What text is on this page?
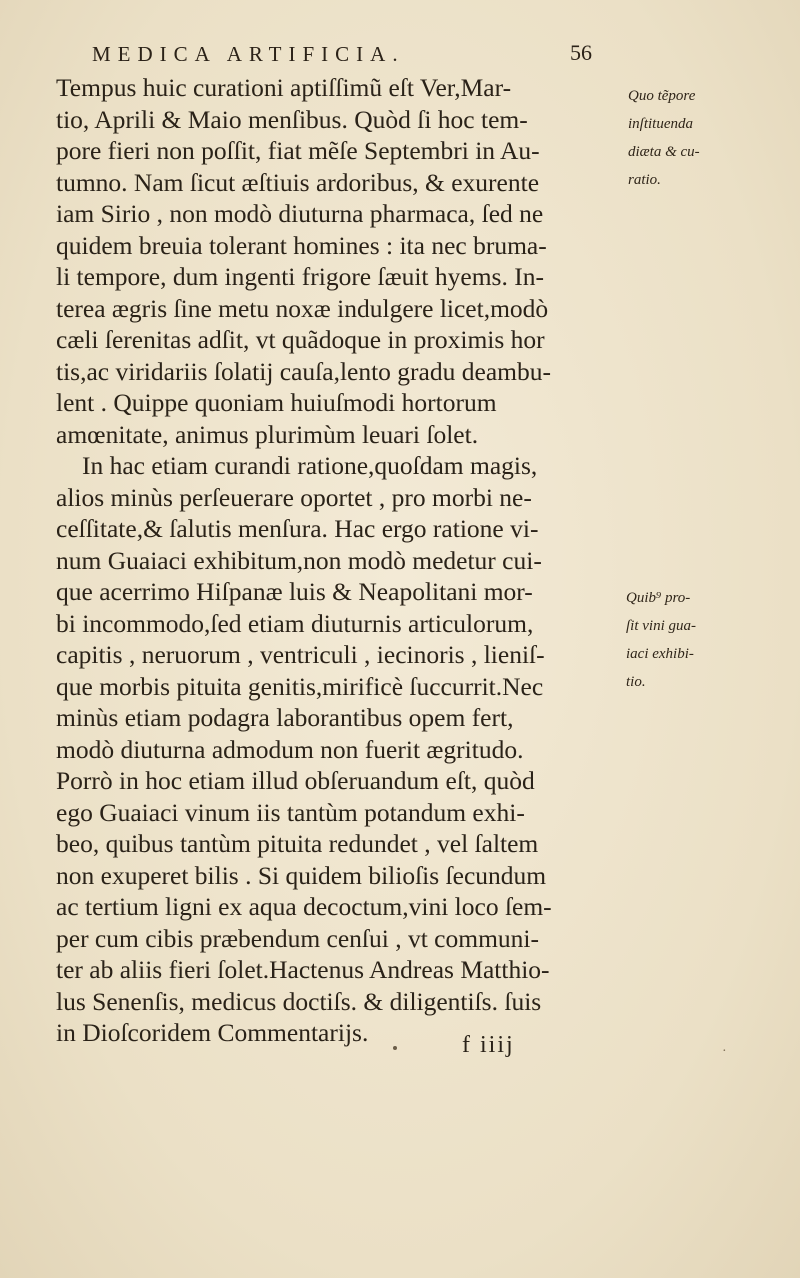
MEDICA ARTIFICIA.	56
Tempus huic curationi aptiſſimũ eſt Ver,Mar-
tio, Aprili & Maio menſibus. Quòd ſi hoc tem-
pore fieri non poſſit, fiat mẽſe Septembri in Au-
tumno. Nam ſicut æſtiuis ardoribus, & exurente
iam Sirio , non modò diuturna pharmaca, ſed ne
quidem breuia tolerant homines : ita nec bruma-
li tempore, dum ingenti frigore ſæuit hyems. In-
terea ægris ſine metu noxæ indulgere licet,modò
cæli ſerenitas adſit, vt quãdoque in proximis hor
tis,ac viridariis ſolatij cauſa,lento gradu deambu-
lent . Quippe quoniam huiuſmodi hortorum
amœnitate, animus plurimùm leuari ſolet.
In hac etiam curandi ratione,quoſdam magis,
alios minùs perſeuerare oportet , pro morbi ne-
ceſſitate,& ſalutis menſura. Hac ergo ratione vi-
num Guaiaci exhibitum,non modò medetur cui-
que acerrimo Hiſpanæ luis & Neapolitani mor-
bi incommodo,ſed etiam diuturnis articulorum,
capitis , neruorum , ventriculi , iecinoris , lieniſ-
que morbis pituita genitis,mirificè ſuccurrit.Nec
minùs etiam podagra laborantibus opem fert,
modò diuturna admodum non fuerit ægritudo.
Porrò in hoc etiam illud obſeruandum eſt, quòd
ego Guaiaci vinum iis tantùm potandum exhi-
beo, quibus tantùm pituita redundet , vel ſaltem
non exuperet bilis . Si quidem bilioſis ſecundum
ac tertium ligni ex aqua decoctum,vini loco ſem-
per cum cibis præbendum cenſui , vt communi-
ter ab aliis fieri ſolet.Hactenus Andreas Matthio-
lus Senenſis, medicus doctiſs. & diligentiſs. ſuis
in Dioſcoridem Commentarijs.
Quo tẽpore
inſtituenda
diæta & cu-
ratio.
Quib⁹ pro-
ſit vini gua-
iaci exhibi-
tio.
f iiij	·
